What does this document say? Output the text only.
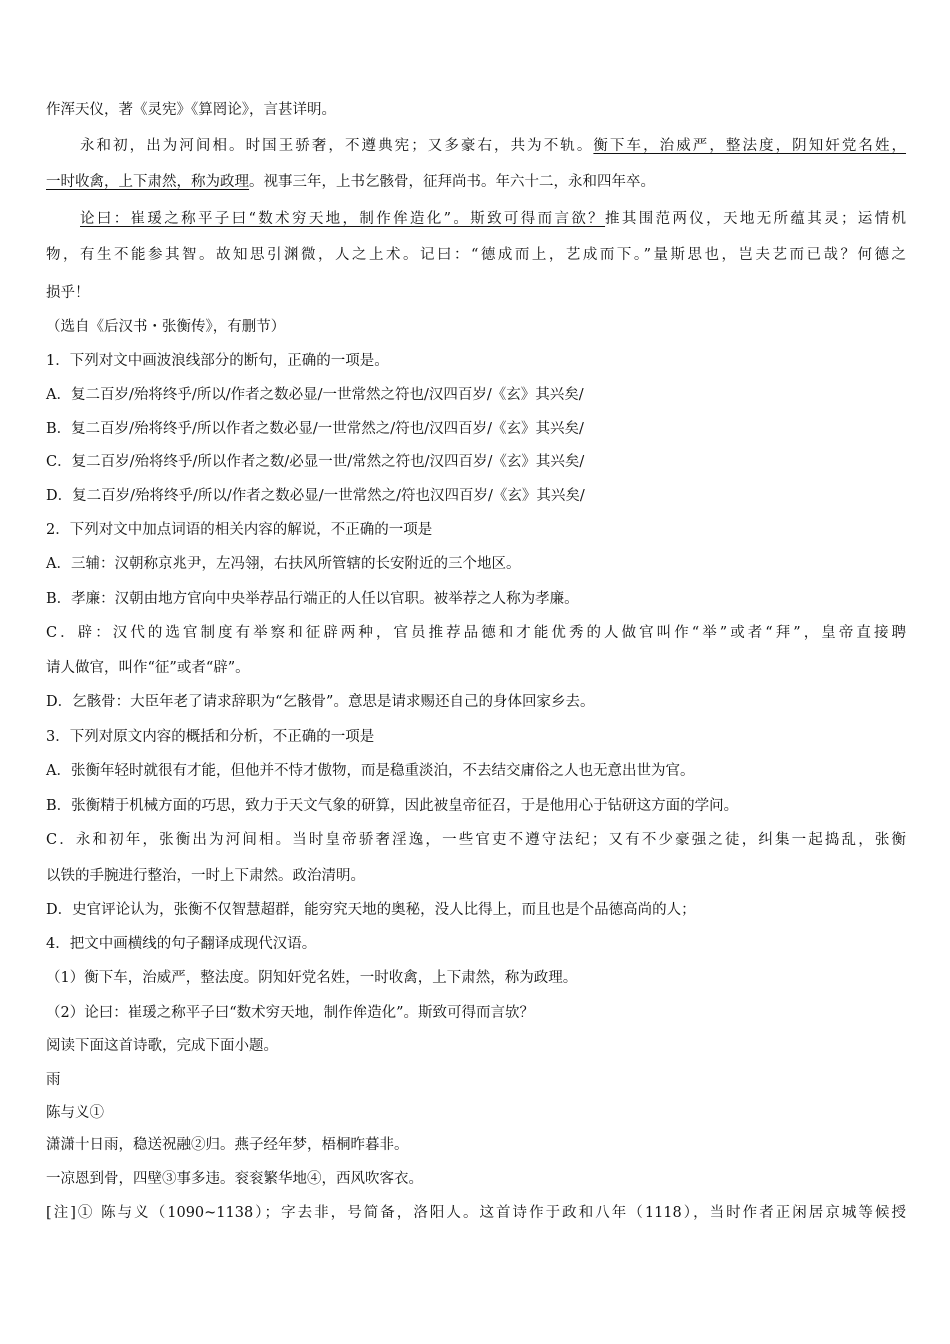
作浑天仪，著《灵宪》《算罔论》，言甚详明。
永和初，出为河间相。时国王骄奢，不遵典宪；又多豪右，共为不轨。衡下车，治威严，整法度，阴知奸党名姓，
一时收禽，上下肃然，称为政理。视事三年，上书乞骸骨，征拜尚书。年六十二，永和四年卒。
论曰：崔瑗之称平子曰“数术穷天地，制作侔造化”。斯致可得而言欲？推其围范两仪，天地无所蕴其灵；运情机
物，有生不能参其智。故知思引渊微，人之上术。记曰：“德成而上，艺成而下。”量斯思也，岂夫艺而已哉？何德之
损乎！
（选自《后汉书・张衡传》，有删节）
1．下列对文中画波浪线部分的断句，正确的一项是。
A．复二百岁/殆将终乎/所以/作者之数必显/一世常然之符也/汉四百岁/《玄》其兴矣/
B．复二百岁/殆将终乎/所以作者之数必显/一世常然之/符也/汉四百岁/《玄》其兴矣/
C．复二百岁/殆将终乎/所以作者之数/必显一世/常然之符也/汉四百岁/《玄》其兴矣/
D．复二百岁/殆将终乎/所以/作者之数必显/一世常然之/符也汉四百岁/《玄》其兴矣/
2．下列对文中加点词语的相关内容的解说，不正确的一项是
A．三辅：汉朝称京兆尹，左冯翎，右扶风所管辖的长安附近的三个地区。
B．孝廉：汉朝由地方官向中央举荐品行端正的人任以官职。被举荐之人称为孝廉。
C．辟：汉代的选官制度有举察和征辟两种，官员推荐品德和才能优秀的人做官叫作“举”或者“拜”，皇帝直接聘
请人做官，叫作“征”或者“辟”。
D．乞骸骨：大臣年老了请求辞职为“乞骸骨”。意思是请求赐还自己的身体回家乡去。
3．下列对原文内容的概括和分析，不正确的一项是
A．张衡年轻时就很有才能，但他并不恃才傲物，而是稳重淡泊，不去结交庸俗之人也无意出世为官。
B．张衡精于机械方面的巧思，致力于天文气象的研算，因此被皇帝征召，于是他用心于钻研这方面的学问。
C．永和初年，张衡出为河间相。当时皇帝骄奢淫逸，一些官吏不遵守法纪；又有不少豪强之徒，纠集一起捣乱，张衡
以铁的手腕进行整治，一时上下肃然。政治清明。
D．史官评论认为，张衡不仅智慧超群，能穷究天地的奥秘，没人比得上，而且也是个品德高尚的人；
4．把文中画横线的句子翻译成现代汉语。
（1）衡下车，治威严，整法度。阴知奸党名姓，一时收禽，上下肃然，称为政理。
（2）论曰：崔瑗之称平子曰“数术穷天地，制作侔造化”。斯致可得而言欤？
阅读下面这首诗歌，完成下面小题。
雨
陈与义①
潇潇十日雨，稳送祝融②归。燕子经年梦，梧桐昨暮非。
一凉恩到骨，四壁③事多违。衮衮繁华地④，西风吹客衣。
[注]① 陈与义（1090~1138）；字去非，号简备，洛阳人。这首诗作于政和八年（1118），当时作者正闲居京城等候授
